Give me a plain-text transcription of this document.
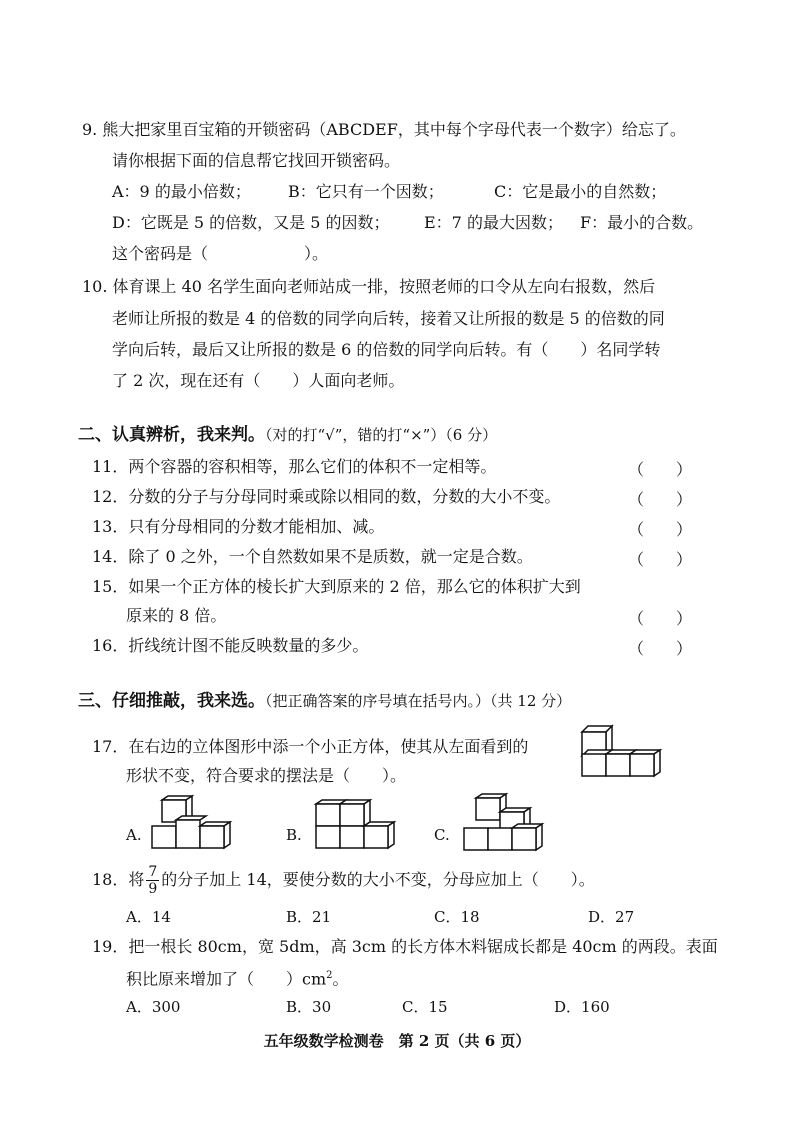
9. 熊大把家里百宝箱的开锁密码（ABCDEF，其中每个字母代表一个数字）给忘了。
请你根据下面的信息帮它找回开锁密码。
A：9 的最小倍数； B：它只有一个因数；	C：它是最小的自然数；
D：它既是 5 的倍数，又是 5 的因数； E：7 的最大因数； F：最小的合数。
这个密码是（　　　　　　）。
10. 体育课上 40 名学生面向老师站成一排，按照老师的口令从左向右报数，然后
老师让所报的数是 4 的倍数的同学向后转，接着又让所报的数是 5 的倍数的同
学向后转，最后又让所报的数是 6 的倍数的同学向后转。有（　　）名同学转
了 2 次，现在还有（　　）人面向老师。
二、认真辨析，我来判。（对的打“√”，错的打“×”）（6 分）
11．两个容器的容积相等，那么它们的体积不一定相等。	（　　）
12．分数的分子与分母同时乘或除以相同的数，分数的大小不变。	（　　）
13．只有分母相同的分数才能相加、减。	（　　）
14．除了 0 之外，一个自然数如果不是质数，就一定是合数。	（　　）
15．如果一个正方体的棱长扩大到原来的 2 倍，那么它的体积扩大到
原来的 8 倍。	（　　）
16．折线统计图不能反映数量的多少。	（　　）
三、仔细推敲，我来选。（把正确答案的序号填在括号内。）（共 12 分）
17．在右边的立体图形中添一个小正方体，使其从左面看到的
形状不变，符合要求的摆法是（　　）。
A.	B.	C.
18．将 $\frac{7}{9}$ 的分子加上 14，要使分数的大小不变，分母应加上（　　）。
A．14	B．21	C．18	D．27
19．把一根长 80cm，宽 5dm，高 3cm 的长方体木料锯成长都是 40cm 的两段。表面
积比原来增加了（　　）$cm^2$。
A．300	B．30	C．15	D．160
五年级数学检测卷　第 2 页（共 6 页）
